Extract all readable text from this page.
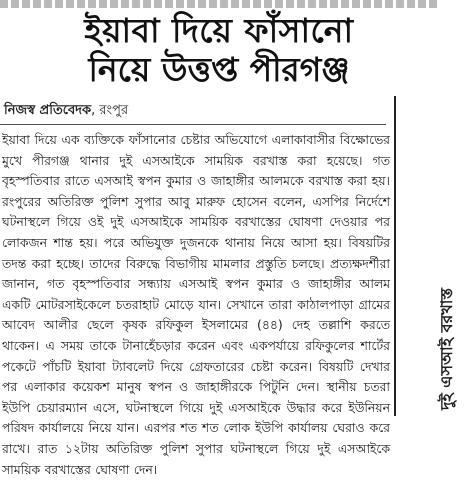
ইয়াবা দিয়ে ফাঁসানো
নিয়ে উত্তপ্ত পীরগঞ্জ
নিজস্ব প্রতিবেদক, রংপুর
দুই এসআই বরখাস্ত

ইয়াবা দিয়ে এক ব্যক্তিকে ফাঁসানোর চেষ্টার অভিযোগে এলাকাবাসীর বিক্ষোভের মুখে পীরগঞ্জ থানার দুই এসআইকে সাময়িক বরখাস্ত করা হয়েছে। গত বৃহস্পতিবার রাতে এসআই স্বপন কুমার ও জাহাঙ্গীর আলমকে বরখাস্ত করা হয়। রংপুরের অতিরিক্ত পুলিশ সুপার আবু মারুফ হোসেন বলেন, এসপির নির্দেশে ঘটনাস্থলে গিয়ে ওই দুই এসআইকে সাময়িক বরখাস্তের ঘোষণা দেওয়ার পর লোকজন শান্ত হয়। পরে অভিযুক্ত দুজনকে থানায় নিয়ে আসা হয়। বিষয়টির তদন্ত করা হচ্ছে। তাদের বিরুদ্ধে বিভাগীয় মামলার প্রস্তুতি চলছে। প্রত্যক্ষদর্শীরা জানান, গত বৃহস্পতিবার সন্ধ্যায় এসআই স্বপন কুমার ও জাহাঙ্গীর আলম একটি মোটরসাইকেলে চতরাহাট মোড়ে যান। সেখানে তারা কাঠালপাড়া গ্রামের আবেদ আলীর ছেলে কৃষক রফিকুল ইসলামের (৪৪) দেহ তল্লাশি করতে থাকেন। এ সময় তাকে টানাহেঁচড়ার করেন এবং একপর্যায়ে রফিকুলের শার্টের পকেটে পাঁচটি ইয়াবা ট্যাবলেট দিয়ে গ্রেফতারের চেষ্টা করেন। বিষয়টি দেখার পর এলাকার কয়েকশ মানুষ স্বপন ও জাহাঙ্গীরকে পিটুনি দেন। স্থানীয় চতরা ইউপি চেয়ারম্যান এসে, ঘটনাস্থলে গিয়ে দুই এসআইকে উদ্ধার করে ইউনিয়ন পরিষদ কার্যালয়ে নিয়ে যান। এরপর শত শত লোক ইউপি কার্যালয় ঘেরাও করে রাখে। রাত ১২টায় অতিরিক্ত পুলিশ সুপার ঘটনাস্থলে গিয়ে দুই এসআইকে সাময়িক বরখাস্তের ঘোষণা দেন।
